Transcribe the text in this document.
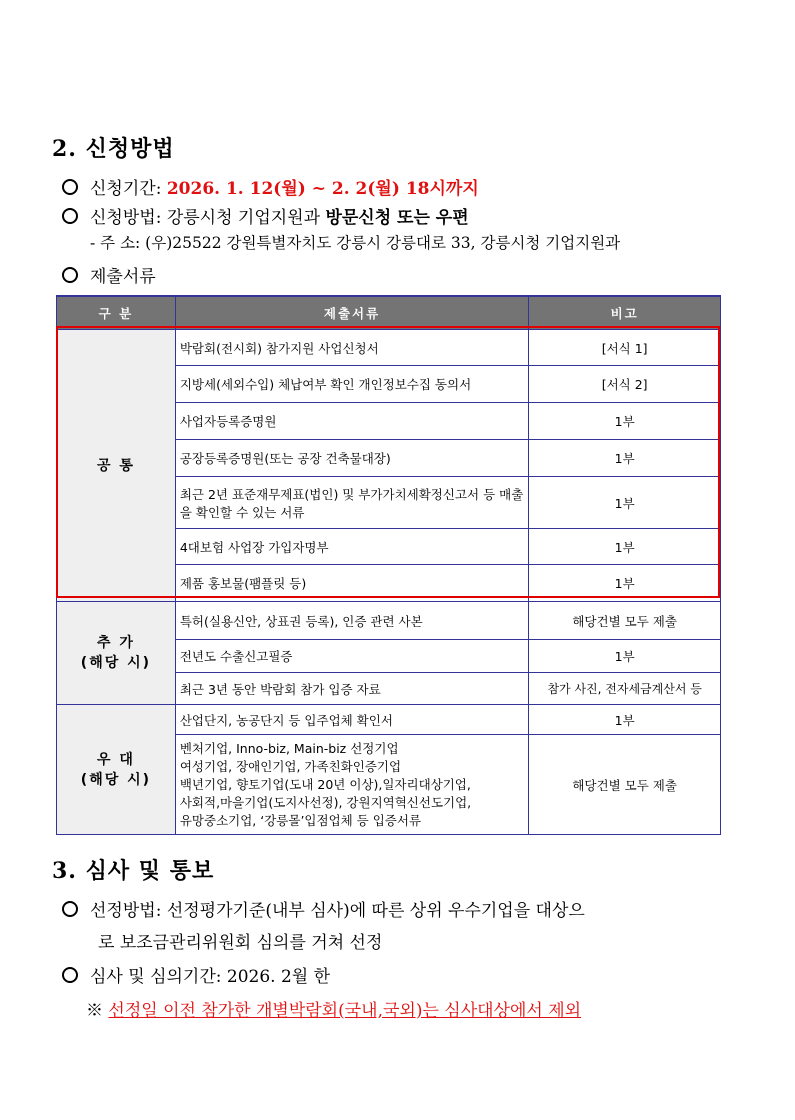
2. 신청방법
신청기간: 2026. 1. 12(월) ~ 2. 2(월) 18시까지
신청방법: 강릉시청 기업지원과 방문신청 또는 우편
- 주 소: (우)25522 강원특별자치도 강릉시 강릉대로 33, 강릉시청 기업지원과
제출서류
구 분	제출서류	비고
공 통	박람회(전시회) 참가지원 사업신청서	[서식 1]
	지방세(세외수입) 체납여부 확인 개인정보수집 동의서	[서식 2]
	사업자등록증명원	1부
	공장등록증명원(또는 공장 건축물대장)	1부
	최근 2년 표준재무제표(법인) 및 부가가치세확정신고서 등 매출을 확인할 수 있는 서류	1부
	4대보험 사업장 가입자명부	1부
	제품 홍보물(팸플릿 등)	1부

추 가
(해당 시)	특허(실용신안, 상표권 등록), 인증 관련 사본	해당건별 모두 제출
	전년도 수출신고필증	1부
	최근 3년 동안 박람회 참가 입증 자료	참가 사진, 전자세금계산서 등

우 대
(해당 시)	산업단지, 농공단지 등 입주업체 확인서	1부

	벤처기업, Inno-biz, Main-biz 선정기업
여성기업, 장애인기업, 가족친화인증기업
백년기업, 향토기업(도내 20년 이상),일자리대상기업,
사회적,마을기업(도지사선정), 강원지역혁신선도기업,
유망중소기업, ‘강릉몰’입점업체 등 입증서류	해당건별 모두 제출
3. 심사 및 통보
선정방법: 선정평가기준(내부 심사)에 따른 상위 우수기업을 대상으
로 보조금관리위원회 심의를 거쳐 선정
심사 및 심의기간: 2026. 2월 한
※ 선정일 이전 참가한 개별박람회(국내,국외)는 심사대상에서 제외
